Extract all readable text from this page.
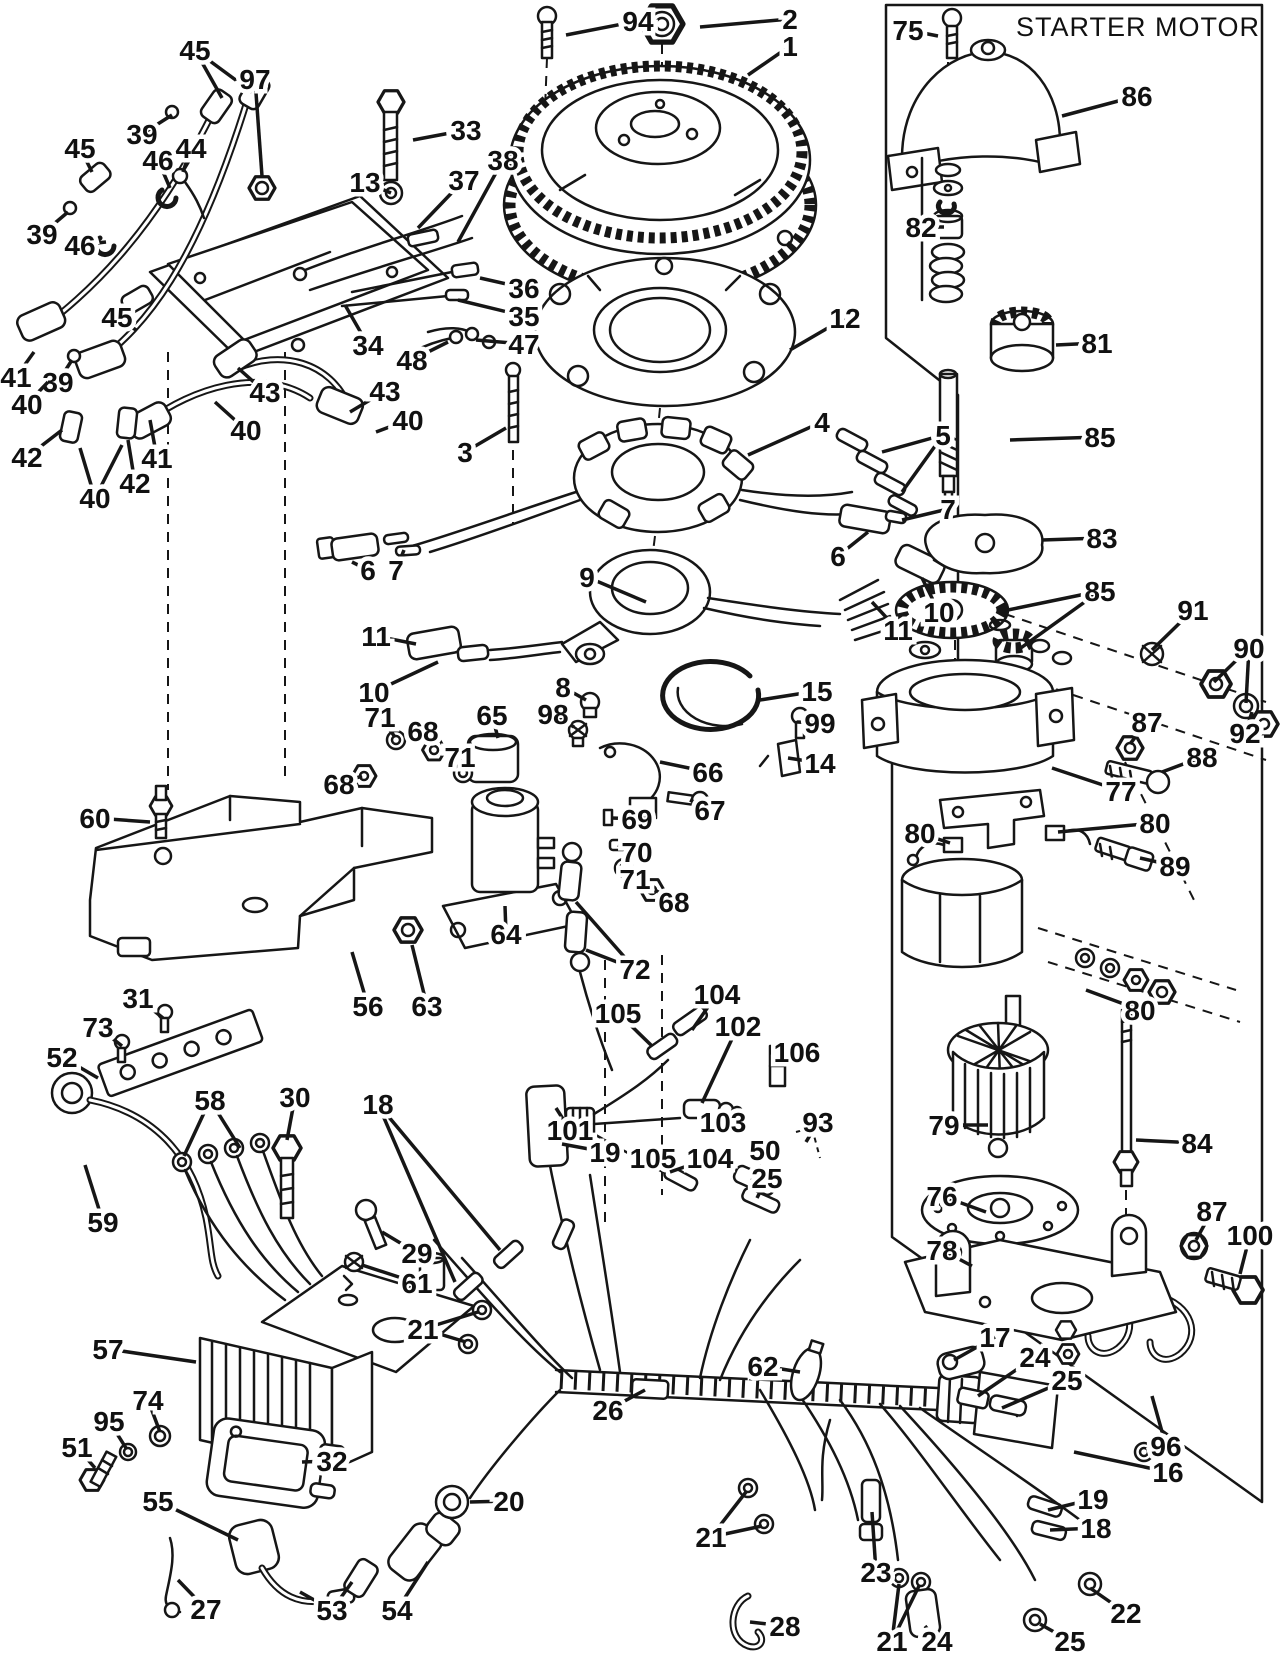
STARTER MOTOR
94	2
1
33
13
38
37
36
35
47
12
34 48
43
40
43
40
3
45
97
39 44
46
45
39 46
45
41 39
40
42
40 42
41
60
4	5
7
6
10
11
85
83
85
91
90
87 92
88
77
80	80
89
9
6 7
11
10	8
98
65
71 68
68
71
15
99
14
66
67
69
70
71
68
64
72
56 63
31
73
52
58 30
59
57
74
95
51	32
55
27	53 54
18
29
61
21
26
20
62
101
105
104
102
103
106
19 105 104 50
25
93
21
23
28	21 24	25
22
17
24
25
96
16
19
18
75
86
82
81
79
84
76	87
100
78
80
